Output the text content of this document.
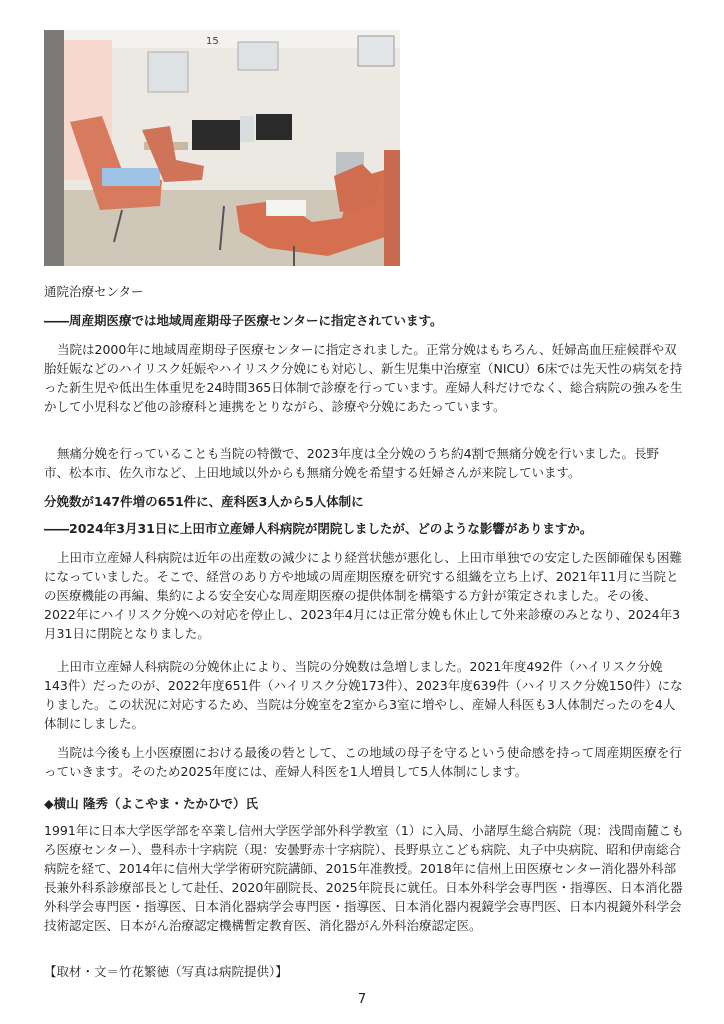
15
通院治療センター

――周産期医療では地域周産期母子医療センターに指定されています。

当院は2000年に地域周産期母子医療センターに指定されました。正常分娩はもちろん、妊婦高血圧症候群や双胎妊娠などのハイリスク妊娠やハイリスク分娩にも対応し、新生児集中治療室（NICU）6床では先天性の病気を持った新生児や低出生体重児を24時間365日体制で診療を行っています。産婦人科だけでなく、総合病院の強みを生かして小児科など他の診療科と連携をとりながら、診療や分娩にあたっています。

無痛分娩を行っていることも当院の特徴で、2023年度は全分娩のうち約4割で無痛分娩を行いました。長野市、松本市、佐久市など、上田地域以外からも無痛分娩を希望する妊婦さんが来院しています。

分娩数が147件増の651件に、産科医3人から5人体制に

――2024年3月31日に上田市立産婦人科病院が閉院しましたが、どのような影響がありますか。

上田市立産婦人科病院は近年の出産数の減少により経営状態が悪化し、上田市単独での安定した医師確保も困難になっていました。そこで、経営のあり方や地域の周産期医療を研究する組織を立ち上げ、2021年11月に当院との医療機能の再編、集約による安全安心な周産期医療の提供体制を構築する方針が策定されました。その後、2022年にハイリスク分娩への対応を停止し、2023年4月には正常分娩も休止して外来診療のみとなり、2024年3月31日に閉院となりました。

上田市立産婦人科病院の分娩休止により、当院の分娩数は急増しました。2021年度492件（ハイリスク分娩143件）だったのが、2022年度651件（ハイリスク分娩173件）、2023年度639件（ハイリスク分娩150件）になりました。この状況に対応するため、当院は分娩室を2室から3室に増やし、産婦人科医も3人体制だったのを4人体制にしました。

当院は今後も上小医療圏における最後の砦として、この地域の母子を守るという使命感を持って周産期医療を行っていきます。そのため2025年度には、産婦人科医を1人増員して5人体制にします。

◆横山 隆秀（よこやま・たかひで）氏

1991年に日本大学医学部を卒業し信州大学医学部外科学教室（1）に入局、小諸厚生総合病院（現：浅間南麓こもろ医療センター）、豊科赤十字病院（現：安曇野赤十字病院）、長野県立こども病院、丸子中央病院、昭和伊南総合病院を経て、2014年に信州大学学術研究院講師、2015年准教授。2018年に信州上田医療センター消化器外科部長兼外科系診療部長として赴任、2020年副院長、2025年院長に就任。日本外科学会専門医・指導医、日本消化器外科学会専門医・指導医、日本消化器病学会専門医・指導医、日本消化器内視鏡学会専門医、日本内視鏡外科学会技術認定医、日本がん治療認定機構暫定教育医、消化器がん外科治療認定医。

【取材・文＝竹花繁徳（写真は病院提供）】

7
